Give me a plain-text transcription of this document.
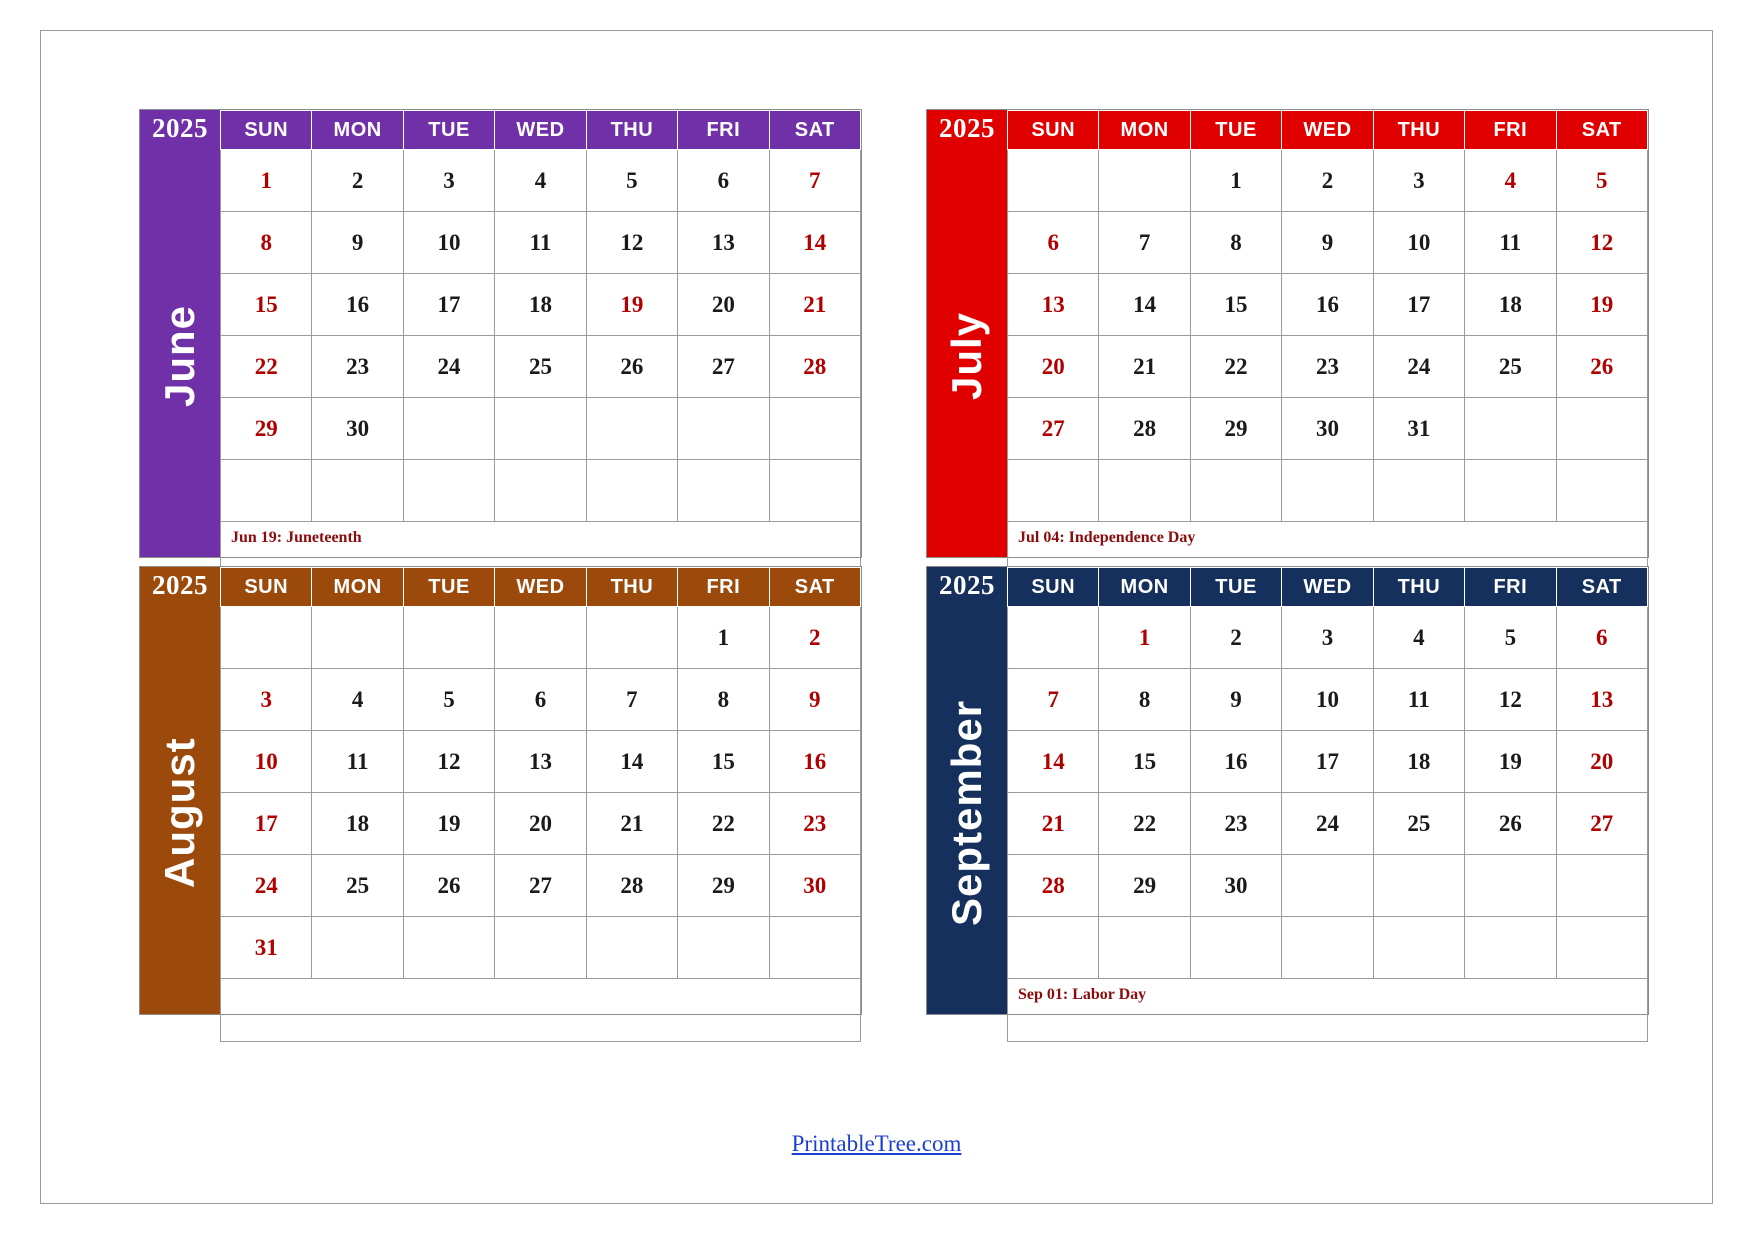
2025
June
SUN	MON	TUE	WED	THU	FRI	SAT
1	2	3	4	5	6	7
8	9	10	11	12	13	14
15	16	17	18	19	20	21
22	23	24	25	26	27	28
29	30					

Jun 19: Juneteenth
2025
July
SUN	MON	TUE	WED	THU	FRI	SAT
		1	2	3	4	5
6	7	8	9	10	11	12
13	14	15	16	17	18	19
20	21	22	23	24	25	26
27	28	29	30	31		

Jul 04: Independence Day
2025
August
SUN	MON	TUE	WED	THU	FRI	SAT
					1	2
3	4	5	6	7	8	9
10	11	12	13	14	15	16
17	18	19	20	21	22	23
24	25	26	27	28	29	30
31						
2025
September
SUN	MON	TUE	WED	THU	FRI	SAT
	1	2	3	4	5	6
7	8	9	10	11	12	13
14	15	16	17	18	19	20
21	22	23	24	25	26	27
28	29	30				

Sep 01: Labor Day
PrintableTree.com
